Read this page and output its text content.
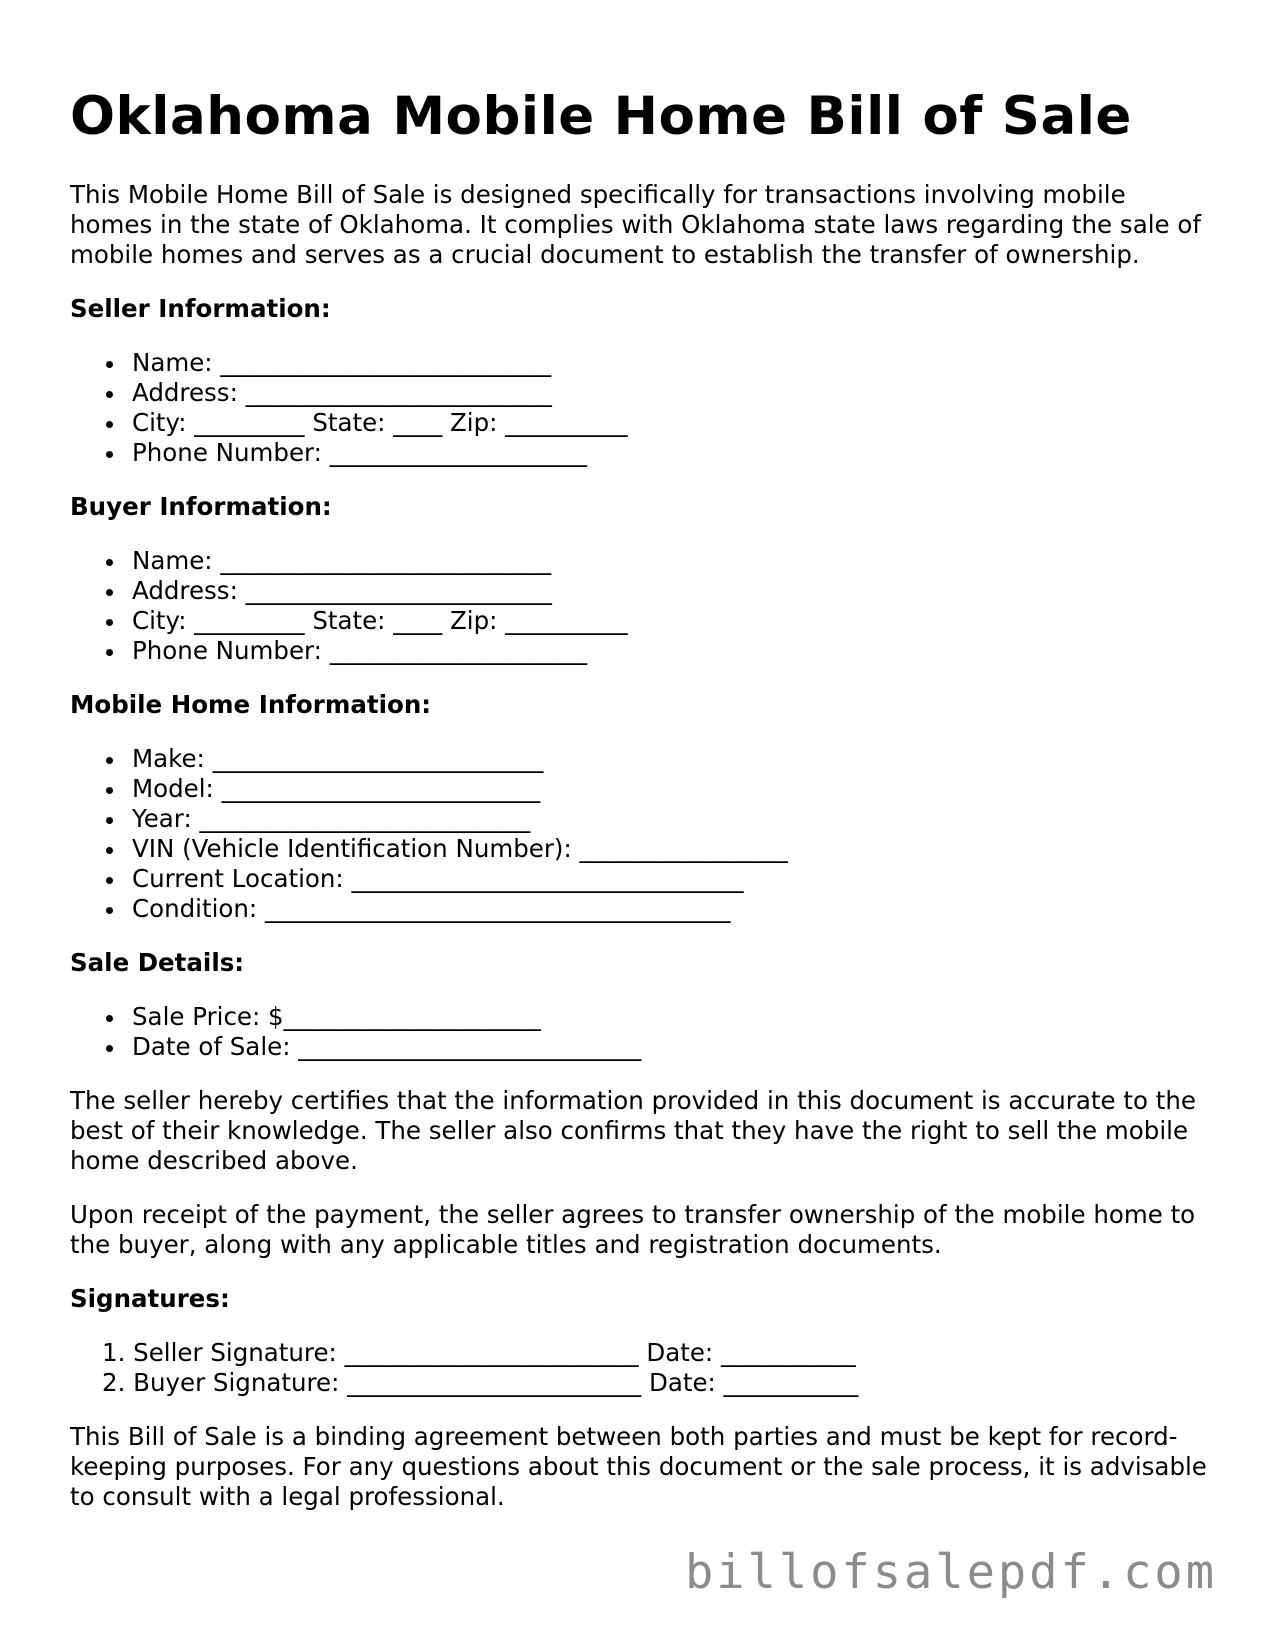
Oklahoma Mobile Home Bill of Sale

This Mobile Home Bill of Sale is designed specifically for transactions involving mobile homes in the state of Oklahoma. It complies with Oklahoma state laws regarding the sale of mobile homes and serves as a crucial document to establish the transfer of ownership.

Seller Information:
Name: ___________________________
Address: _________________________
City: _________ State: ____ Zip: __________
Phone Number: _____________________
Buyer Information:
Name: ___________________________
Address: _________________________
City: _________ State: ____ Zip: __________
Phone Number: _____________________
Mobile Home Information:
Make: ___________________________
Model: __________________________
Year: ___________________________
VIN (Vehicle Identification Number): _________________
Current Location: ________________________________
Condition: ______________________________________
Sale Details:
Sale Price: $_____________________
Date of Sale: ____________________________

The seller hereby certifies that the information provided in this document is accurate to the best of their knowledge. The seller also confirms that they have the right to sell the mobile home described above.

Upon receipt of the payment, the seller agrees to transfer ownership of the mobile home to the buyer, along with any applicable titles and registration documents.

Signatures:
1. Seller Signature: ________________________ Date: ___________
2. Buyer Signature: ________________________ Date: ___________

This Bill of Sale is a binding agreement between both parties and must be kept for record-keeping purposes. For any questions about this document or the sale process, it is advisable to consult with a legal professional.

billofsalepdf.com
